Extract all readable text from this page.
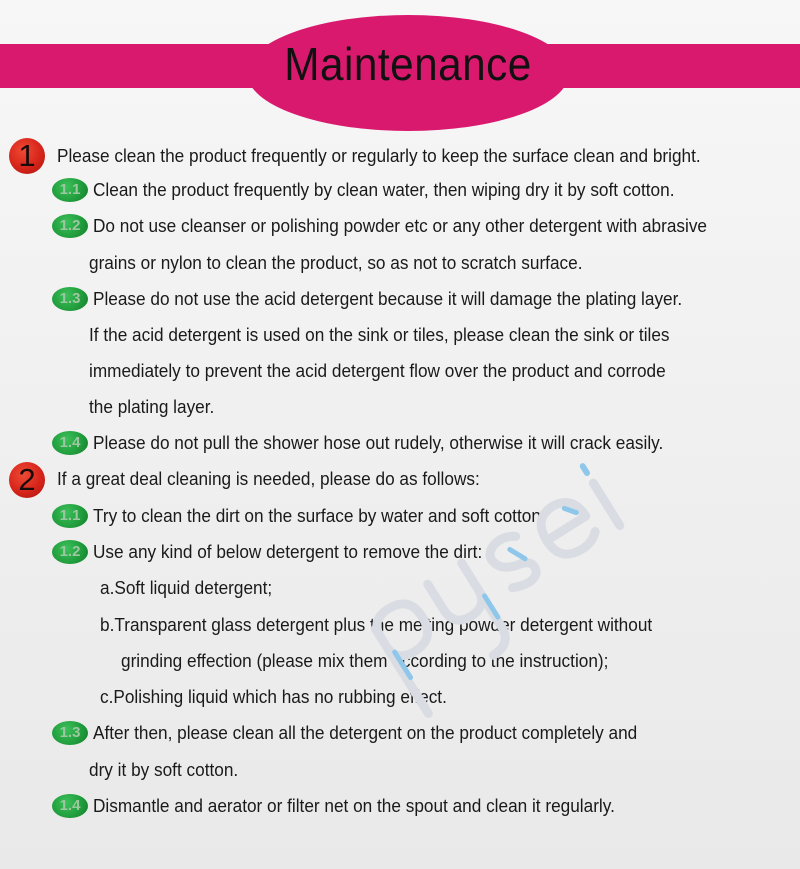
Maintenance
1	Please clean the product frequently or regularly to keep the surface clean and bright.
1.1 Clean the product frequently by clean water, then wiping dry it by soft cotton.
1.2 Do not use cleanser or polishing powder etc or any other detergent with abrasive
grains or nylon to clean the product, so as not to scratch surface.
1.3 Please do not use the acid detergent because it will damage the plating layer.
If the acid detergent is used on the sink or tiles, please clean the sink or tiles
immediately to prevent the acid detergent flow over the product and corrode
the plating layer.
1.4 Please do not pull the shower hose out rudely, otherwise it will crack easily.
2	If a great deal cleaning is needed, please do as follows:
1.1 Try to clean the dirt on the surface by water and soft cotton.
1.2 Use any kind of below detergent to remove the dirt:
a.Soft liquid detergent;
b.Transparent glass detergent plus the melting powder detergent without
grinding effection (please mix them according to the instruction);
c.Polishing liquid which has no rubbing effect.
1.3 After then, please clean all the detergent on the product completely and
dry it by soft cotton.
1.4 Dismantle and aerator or filter net on the spout and clean it regularly.
